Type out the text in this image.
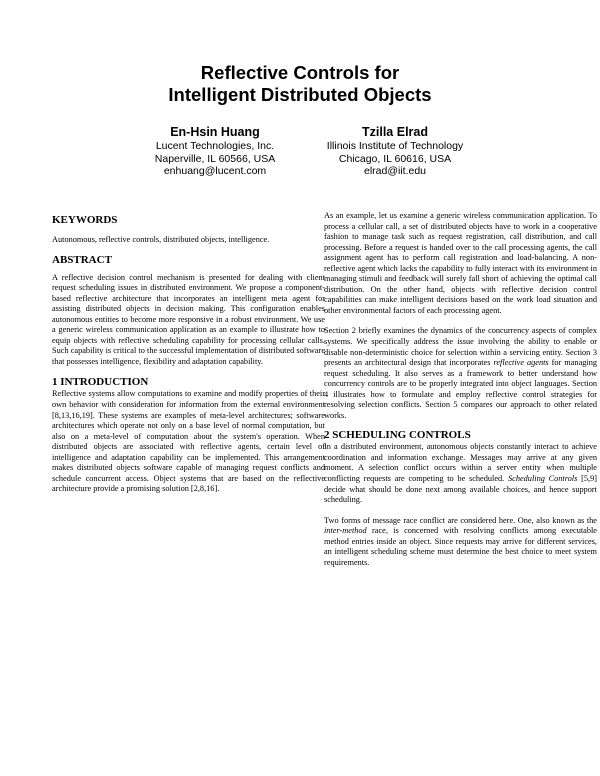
Reflective Controls for
Intelligent Distributed Objects
En-Hsin Huang
Lucent Technologies, Inc.
Naperville, IL 60566, USA
enhuang@lucent.com
Tzilla Elrad
Illinois Institute of Technology
Chicago, IL 60616, USA
elrad@iit.edu
KEYWORDS

Autonomous, reflective controls, distributed objects, intelligence.

ABSTRACT

A reflective decision control mechanism is presented for dealing with client request scheduling issues in distributed environment. We propose a component-based reflective architecture that incorporates an intelligent meta agent for assisting distributed objects in decision making. This configuration enables autonomous entities to become more responsive in a robust environment. We use a generic wireless communication application as an example to illustrate how to equip objects with reflective scheduling capability for processing cellular calls. Such capability is critical to the successful implementation of distributed software that possesses intelligence, flexibility and adaptation capability.

1 INTRODUCTION

Reflective systems allow computations to examine and modify properties of their own behavior with consideration for information from the external environment [8,13,16,19]. These systems are examples of meta-level architectures; software architectures which operate not only on a base level of normal computation, but also on a meta-level of computation about the system's operation. When distributed objects are associated with reflective agents, certain level of intelligence and adaptation capability can be implemented. This arrangement makes distributed objects software capable of managing request conflicts and schedule concurrent access. Object systems that are based on the reflective architecture provide a promising solution [2,8,16].

As an example, let us examine a generic wireless communication application. To process a cellular call, a set of distributed objects have to work in a cooperative fashion to manage task such as request registration, call distribution, and call processing. Before a request is handed over to the call processing agents, the call assignment agent has to perform call registration and load-balancing. A non-reflective agent which lacks the capability to fully interact with its environment in managing stimuli and feedback will surely fall short of achieving the optimal call distribution. On the other hand, objects with reflective decision control capabilities can make intelligent decisions based on the work load situation and other environmental factors of each processing agent.

Section 2 briefly examines the dynamics of the concurrency aspects of complex systems. We specifically address the issue involving the ability to enable or disable non-deterministic choice for selection within a servicing entity. Section 3 presents an architectural design that incorporates reflective agents for managing request scheduling. It also serves as a framework to better understand how concurrency controls are to be properly integrated into object languages. Section 4 illustrates how to formulate and employ reflective control strategies for resolving selection conflicts. Section 5 compares our approach to other related works.

2 SCHEDULING CONTROLS

In a distributed environment, autonomous objects constantly interact to achieve coordination and information exchange. Messages may arrive at any given moment. A selection conflict occurs within a server entity when multiple conflicting requests are competing to be scheduled. Scheduling Controls [5,9] decide what should be done next among available choices, and hence support scheduling.

Two forms of message race conflict are considered here. One, also known as the inter-method race, is concerned with resolving conflicts among executable method entries inside an object. Since requests may arrive for different services, an intelligent scheduling scheme must determine the best choice to meet system requirements.
